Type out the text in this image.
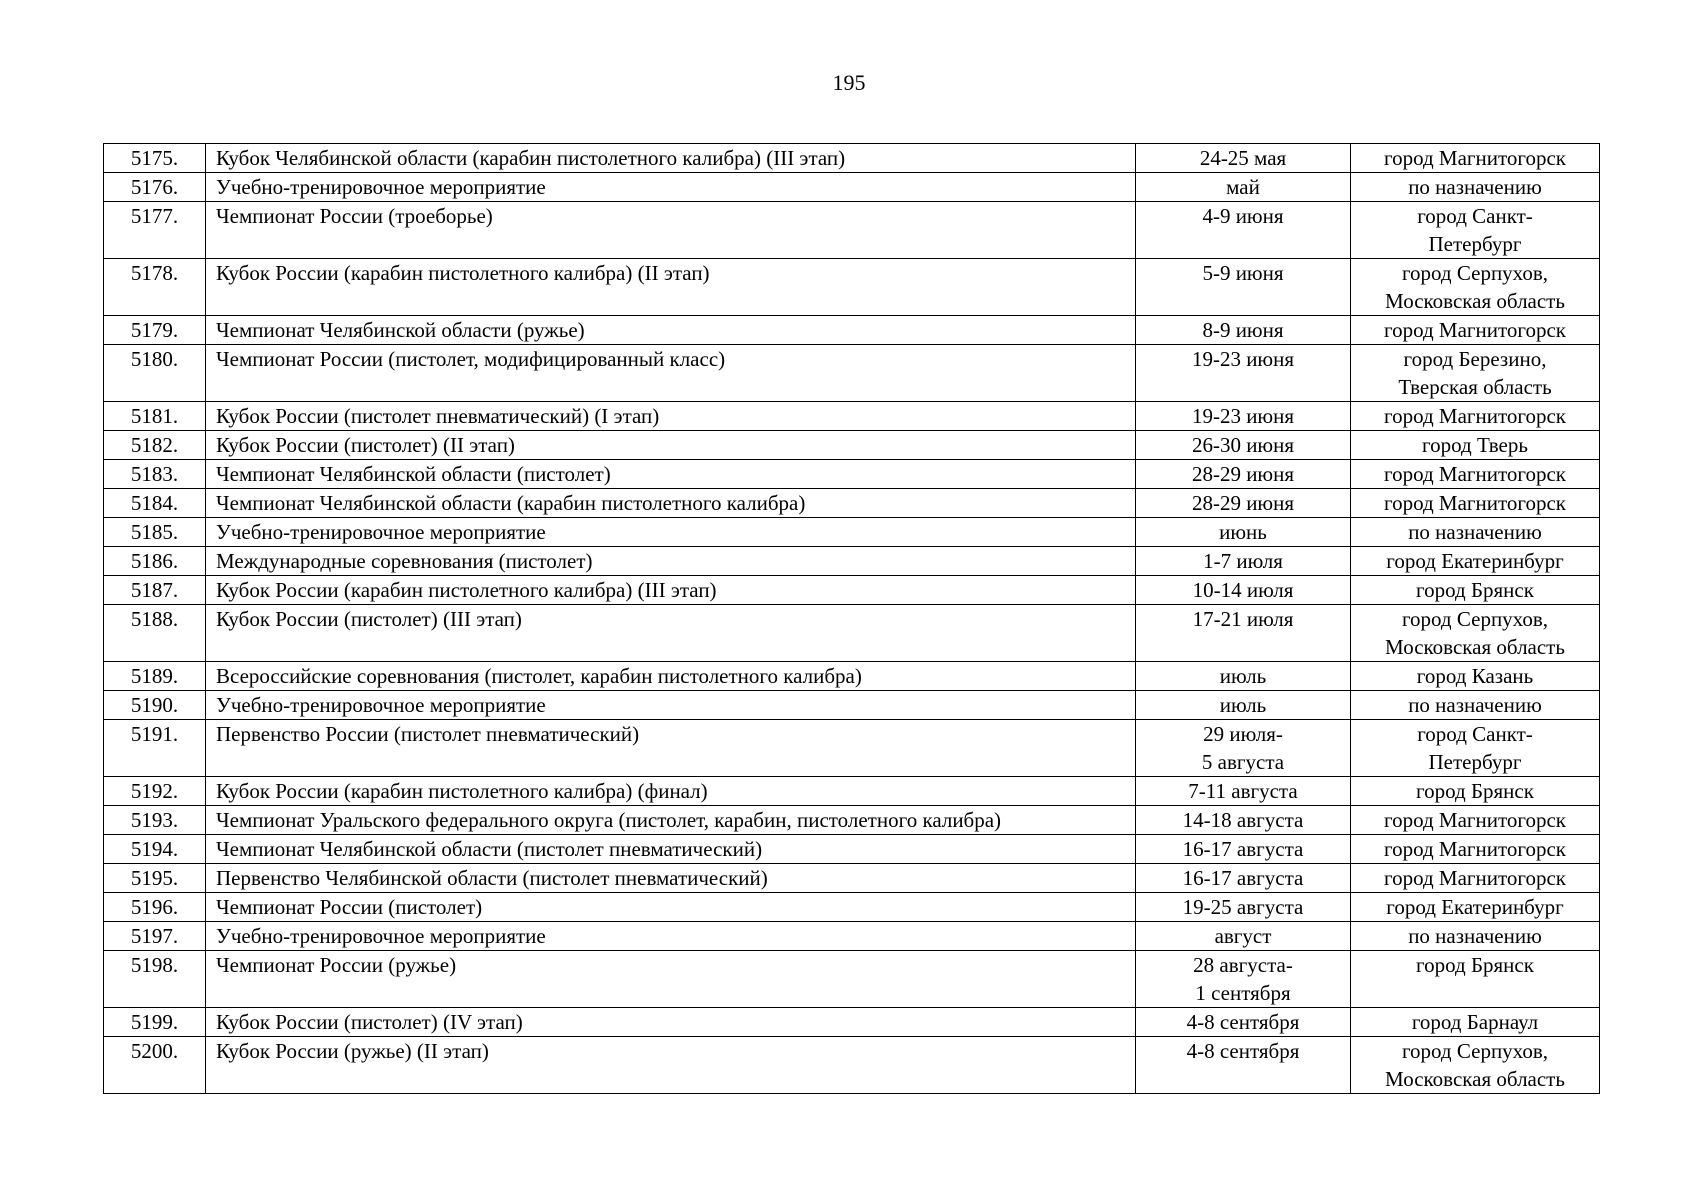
195
5175.	Кубок Челябинской области (карабин пистолетного калибра) (III этап)	24-25 мая	город Магнитогорск

5176.	Учебно-тренировочное мероприятие	май	по назначению

5177.	Чемпионат России (троеборье)	4-9 июня	город Санкт-
Петербург

5178.	Кубок России (карабин пистолетного калибра) (II этап)	5-9 июня	город Серпухов,
Московская область

5179.	Чемпионат Челябинской области (ружье)	8-9 июня	город Магнитогорск

5180.	Чемпионат России (пистолет, модифицированный класс)	19-23 июня	город Березино,
Тверская область

5181.	Кубок России (пистолет пневматический) (I этап)	19-23 июня	город Магнитогорск

5182.	Кубок России (пистолет) (II этап)	26-30 июня	город Тверь

5183.	Чемпионат Челябинской области (пистолет)	28-29 июня	город Магнитогорск

5184.	Чемпионат Челябинской области (карабин пистолетного калибра)	28-29 июня	город Магнитогорск

5185.	Учебно-тренировочное мероприятие	июнь	по назначению

5186.	Международные соревнования (пистолет)	1-7 июля	город Екатеринбург

5187.	Кубок России (карабин пистолетного калибра) (III этап)	10-14 июля	город Брянск

5188.	Кубок России (пистолет) (III этап)	17-21 июля	город Серпухов,
Московская область

5189.	Всероссийские соревнования (пистолет, карабин пистолетного калибра)	июль	город Казань

5190.	Учебно-тренировочное мероприятие	июль	по назначению

5191.	Первенство России (пистолет пневматический)	29 июля-
5 августа	город Санкт-
Петербург

5192.	Кубок России (карабин пистолетного калибра) (финал)	7-11 августа	город Брянск

5193.	Чемпионат Уральского федерального округа (пистолет, карабин, пистолетного калибра)	14-18 августа	город Магнитогорск

5194.	Чемпионат Челябинской области (пистолет пневматический)	16-17 августа	город Магнитогорск

5195.	Первенство Челябинской области (пистолет пневматический)	16-17 августа	город Магнитогорск

5196.	Чемпионат России (пистолет)	19-25 августа	город Екатеринбург

5197.	Учебно-тренировочное мероприятие	август	по назначению

5198.	Чемпионат России (ружье)	28 августа-
1 сентября	город Брянск

5199.	Кубок России (пистолет) (IV этап)	4-8 сентября	город Барнаул

5200.	Кубок России (ружье) (II этап)	4-8 сентября	город Серпухов,
Московская область
